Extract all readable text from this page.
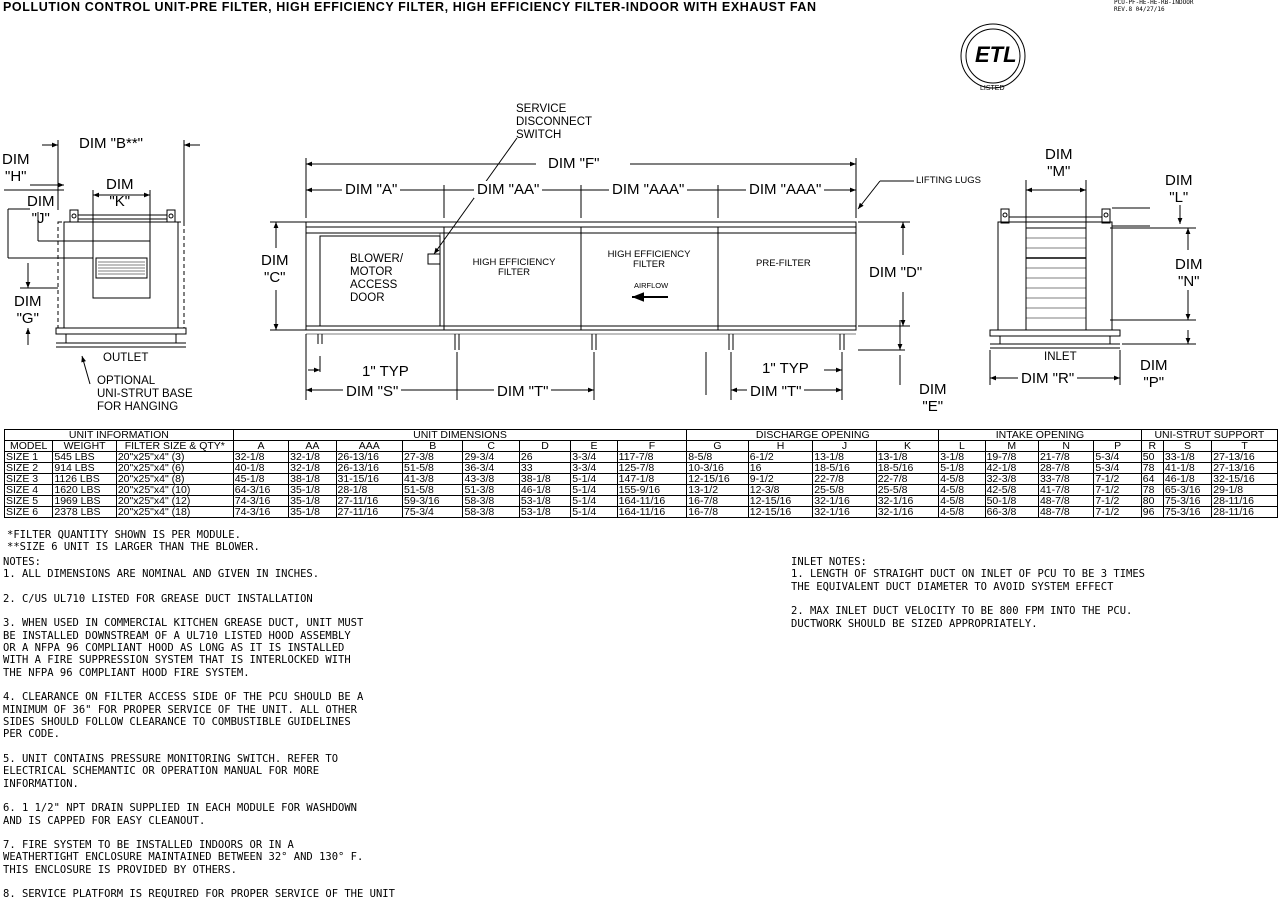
POLLUTION CONTROL UNIT-PRE FILTER, HIGH EFFICIENCY FILTER, HIGH EFFICIENCY FILTER-INDOOR WITH EXHAUST FAN	PCU-PF-HE-HE-RB-INDOOR
REV.8 04/27/16
ETL
LISTED
DIM "B**"
DIM
"H"	DIM
"K"
DIM
"J"
DIM
"G"
OUTLET
OPTIONAL
UNI-STRUT BASE
FOR HANGING
SERVICE
DISCONNECT
SWITCH
DIM "F"
DIM "A"	DIM "AA"	DIM "AAA"	DIM "AAA"
LIFTING LUGS
DIM
"C"	DIM "D"
BLOWER/
MOTOR
ACCESS
DOOR
HIGH EFFICIENCY
FILTER
HIGH EFFICIENCY
FILTER
AIRFLOW
PRE-FILTER
1" TYP	1" TYP
DIM "S"	DIM "T"	DIM "T"	DIM
"E"
DIM
"M"
DIM
"L"
DIM
"N"
INLET
DIM "R"
DIM
"P"
UNIT INFORMATION			UNIT DIMENSIONS								DISCHARGE OPENING				INTAKE OPENING				UNI-STRUT SUPPORT		
MODEL	WEIGHT	FILTER SIZE & QTY*	A	AA	AAA	B	C	D	E	F	G	H	J	K	L	M	N	P	R	S	T
SIZE 1	545 LBS	20"x25"x4" (3)	32-1/8	32-1/8	26-13/16	27-3/8	29-3/4	26	3-3/4	117-7/8	8-5/8	6-1/2	13-1/8	13-1/8	3-1/8	19-7/8	21-7/8	5-3/4	50	33-1/8	27-13/16
SIZE 2	914 LBS	20"x25"x4" (6)	40-1/8	32-1/8	26-13/16	51-5/8	36-3/4	33	3-3/4	125-7/8	10-3/16	16	18-5/16	18-5/16	5-1/8	42-1/8	28-7/8	5-3/4	78	41-1/8	27-13/16
SIZE 3	1126 LBS	20"x25"x4" (8)	45-1/8	38-1/8	31-15/16	41-3/8	43-3/8	38-1/8	5-1/4	147-1/8	12-15/16	9-1/2	22-7/8	22-7/8	4-5/8	32-3/8	33-7/8	7-1/2	64	46-1/8	32-15/16
SIZE 4	1620 LBS	20"x25"x4" (10)	64-3/16	35-1/8	28-1/8	51-5/8	51-3/8	46-1/8	5-1/4	155-9/16	13-1/2	12-3/8	25-5/8	25-5/8	4-5/8	42-5/8	41-7/8	7-1/2	78	65-3/16	29-1/8
SIZE 5	1969 LBS	20"x25"x4" (12)	74-3/16	35-1/8	27-11/16	59-3/16	58-3/8	53-1/8	5-1/4	164-11/16	16-7/8	12-15/16	32-1/16	32-1/16	4-5/8	50-1/8	48-7/8	7-1/2	80	75-3/16	28-11/16
SIZE 6	2378 LBS	20"x25"x4" (18)	74-3/16	35-1/8	27-11/16	75-3/4	58-3/8	53-1/8	5-1/4	164-11/16	16-7/8	12-15/16	32-1/16	32-1/16	4-5/8	66-3/8	48-7/8	7-1/2	96	75-3/16	28-11/16
*FILTER QUANTITY SHOWN IS PER MODULE.
**SIZE 6 UNIT IS LARGER THAN THE BLOWER.
NOTES:
1. ALL DIMENSIONS ARE NOMINAL AND GIVEN IN INCHES.
2. C/US UL710 LISTED FOR GREASE DUCT INSTALLATION
3. WHEN USED IN COMMERCIAL KITCHEN GREASE DUCT, UNIT MUST
BE INSTALLED DOWNSTREAM OF A UL710 LISTED HOOD ASSEMBLY
OR A NFPA 96 COMPLIANT HOOD AS LONG AS IT IS INSTALLED
WITH A FIRE SUPPRESSION SYSTEM THAT IS INTERLOCKED WITH
THE NFPA 96 COMPLIANT HOOD FIRE SYSTEM.
4. CLEARANCE ON FILTER ACCESS SIDE OF THE PCU SHOULD BE A
MINIMUM OF 36" FOR PROPER SERVICE OF THE UNIT. ALL OTHER
SIDES SHOULD FOLLOW CLEARANCE TO COMBUSTIBLE GUIDELINES
PER CODE.
5. UNIT CONTAINS PRESSURE MONITORING SWITCH. REFER TO
ELECTRICAL SCHEMANTIC OR OPERATION MANUAL FOR MORE
INFORMATION.
6. 1 1/2" NPT DRAIN SUPPLIED IN EACH MODULE FOR WASHDOWN
AND IS CAPPED FOR EASY CLEANOUT.
7. FIRE SYSTEM TO BE INSTALLED INDOORS OR IN A
WEATHERTIGHT ENCLOSURE MAINTAINED BETWEEN 32° AND 130° F.
THIS ENCLOSURE IS PROVIDED BY OTHERS.
8. SERVICE PLATFORM IS REQUIRED FOR PROPER SERVICE OF THE UNIT
INLET NOTES:
1. LENGTH OF STRAIGHT DUCT ON INLET OF PCU TO BE 3 TIMES
THE EQUIVALENT DUCT DIAMETER TO AVOID SYSTEM EFFECT
2. MAX INLET DUCT VELOCITY TO BE 800 FPM INTO THE PCU.
DUCTWORK SHOULD BE SIZED APPROPRIATELY.
